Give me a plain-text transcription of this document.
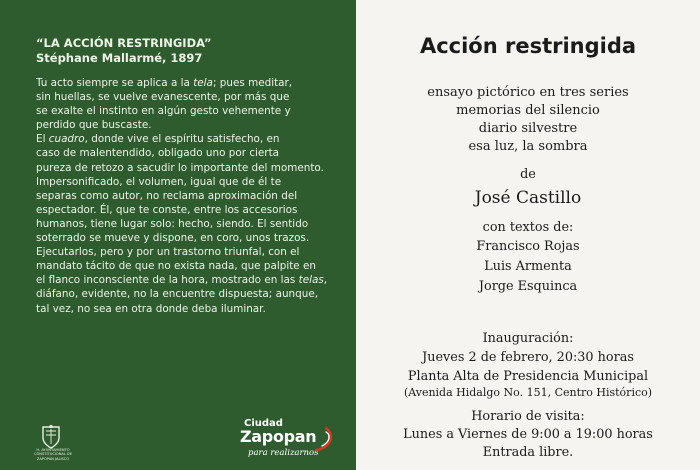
“LA ACCIÓN RESTRINGIDA”
Stéphane Mallarmé, 1897

Tu acto siempre se aplica a la tela; pues meditar,

sin huellas, se vuelve evanescente, por más que

se exalte el instinto en algún gesto vehemente y

perdido que buscaste.

El cuadro, donde vive el espíritu satisfecho, en

caso de malentendido, obligado uno por cierta

pureza de retozo a sacudir lo importante del momento.

Impersonificado, el volumen, igual que de él te

separas como autor, no reclama aproximación del

espectador. Él, que te conste, entre los accesorios

humanos, tiene lugar solo: hecho, siendo. El sentido

soterrado se mueve y dispone, en coro, unos trazos.

Ejecutarlos, pero y por un trastorno triunfal, con el

mandato tácito de que no exista nada, que palpite en

el flanco inconsciente de la hora, mostrado en las telas,

diáfano, evidente, no la encuentre dispuesta; aunque,

tal vez, no sea en otra donde deba iluminar.

H. AYUNTAMIENTO CONSTITUCIONAL DE ZAPOPAN JALISCO
Ciudad
Zapopan
para realizarnos
Acción restringida
ensayo pictórico en tres series
memorias del silencio
diario silvestre
esa luz, la sombra
de
José Castillo
con textos de:
Francisco Rojas
Luis Armenta
Jorge Esquinca
Inauguración:
Jueves 2 de febrero, 20:30 horas
Planta Alta de Presidencia Municipal
(Avenida Hidalgo No. 151, Centro Histórico)
Horario de visita:
Lunes a Viernes de 9:00 a 19:00 horas
Entrada libre.
